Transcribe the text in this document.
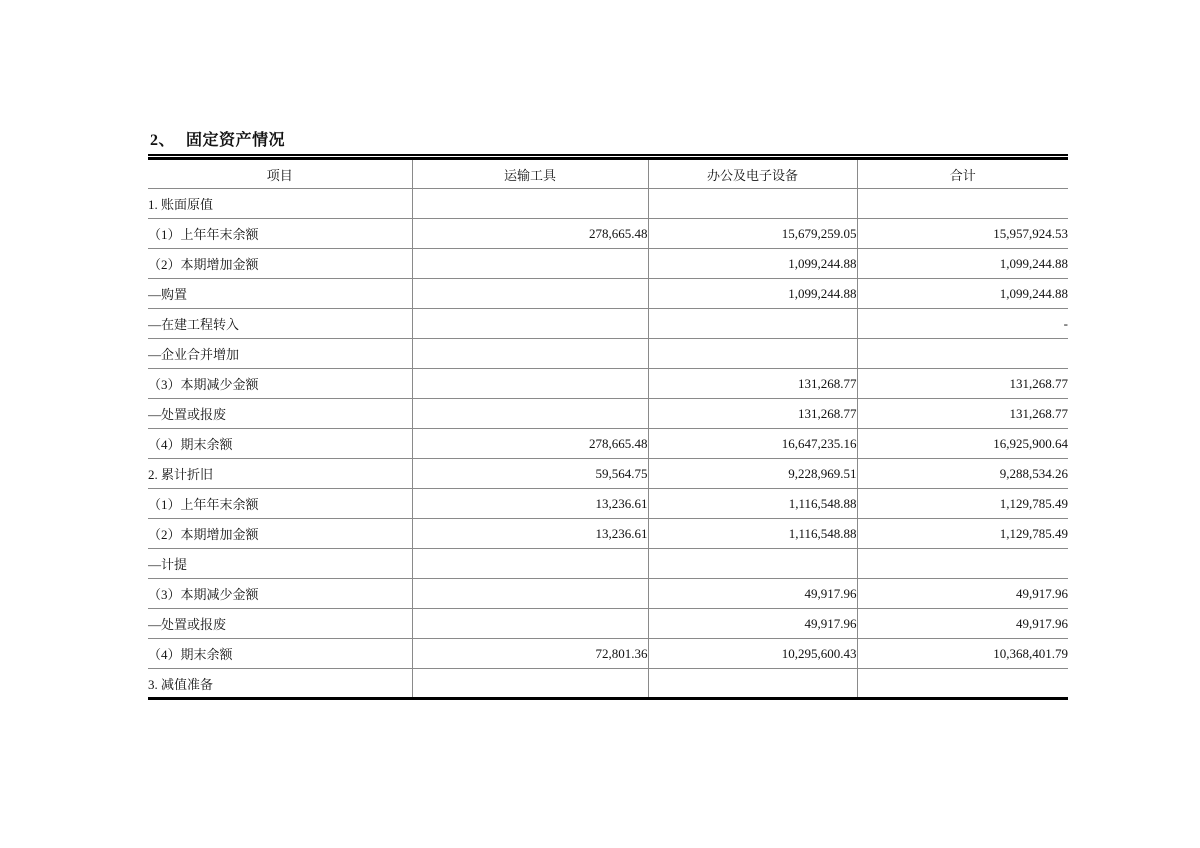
2、 固定资产情况
项目	运输工具	办公及电子设备	合计
1. 账面原值			
（1）上年年末余额	278,665.48	15,679,259.05	15,957,924.53
（2）本期增加金额		1,099,244.88	1,099,244.88
—购置		1,099,244.88	1,099,244.88
—在建工程转入			-
—企业合并增加			
（3）本期减少金额		131,268.77	131,268.77
—处置或报废		131,268.77	131,268.77
（4）期末余额	278,665.48	16,647,235.16	16,925,900.64
2. 累计折旧	59,564.75	9,228,969.51	9,288,534.26
（1）上年年末余额	13,236.61	1,116,548.88	1,129,785.49
（2）本期增加金额	13,236.61	1,116,548.88	1,129,785.49
—计提			
（3）本期减少金额		49,917.96	49,917.96
—处置或报废		49,917.96	49,917.96
（4）期末余额	72,801.36	10,295,600.43	10,368,401.79
3. 减值准备			
